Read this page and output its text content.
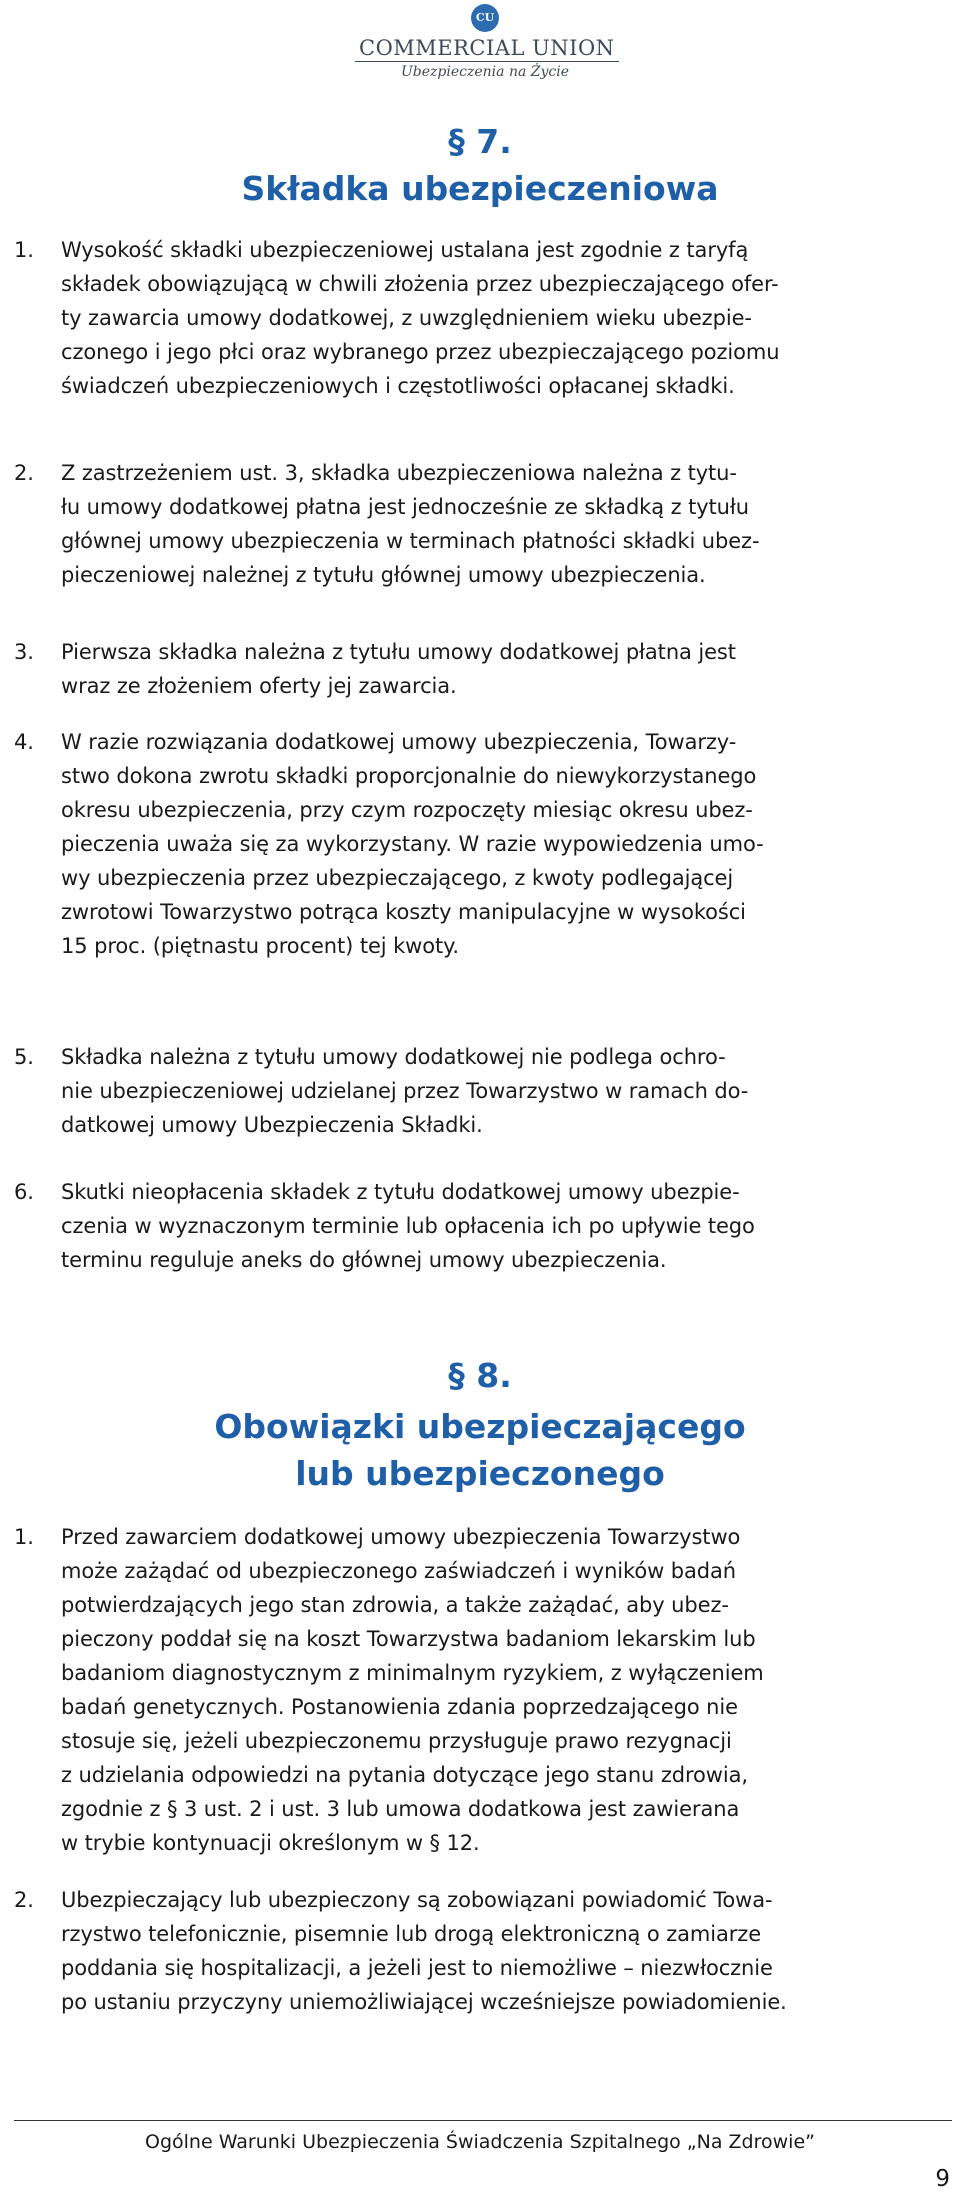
CU
COMMERCIAL UNION
Ubezpieczenia na Życie
§ 7.
Składka ubezpieczeniowa
1.	Wysokość składki ubezpieczeniowej ustalana jest zgodnie z taryfą
składek obowiązującą w chwili złożenia przez ubezpieczającego ofer-
ty zawarcia umowy dodatkowej, z uwzględnieniem wieku ubezpie-
czonego i jego płci oraz wybranego przez ubezpieczającego poziomu
świadczeń ubezpieczeniowych i częstotliwości opłacanej składki.
2.	Z zastrzeżeniem ust. 3, składka ubezpieczeniowa należna z tytu-
łu umowy dodatkowej płatna jest jednocześnie ze składką z tytułu
głównej umowy ubezpieczenia w terminach płatności składki ubez-
pieczeniowej należnej z tytułu głównej umowy ubezpieczenia.
3.	Pierwsza składka należna z tytułu umowy dodatkowej płatna jest
wraz ze złożeniem oferty jej zawarcia.
4.	W razie rozwiązania dodatkowej umowy ubezpieczenia, Towarzy-
stwo dokona zwrotu składki proporcjonalnie do niewykorzystanego
okresu ubezpieczenia, przy czym rozpoczęty miesiąc okresu ubez-
pieczenia uważa się za wykorzystany. W razie wypowiedzenia umo-
wy ubezpieczenia przez ubezpieczającego, z kwoty podlegającej
zwrotowi Towarzystwo potrąca koszty manipulacyjne w wysokości
15 proc. (piętnastu procent) tej kwoty.
5.	Składka należna z tytułu umowy dodatkowej nie podlega ochro-
nie ubezpieczeniowej udzielanej przez Towarzystwo w ramach do-
datkowej umowy Ubezpieczenia Składki.
6.	Skutki nieopłacenia składek z tytułu dodatkowej umowy ubezpie-
czenia w wyznaczonym terminie lub opłacenia ich po upływie tego
terminu reguluje aneks do głównej umowy ubezpieczenia.
§ 8.
Obowiązki ubezpieczającego
lub ubezpieczonego
1.	Przed zawarciem dodatkowej umowy ubezpieczenia Towarzystwo
może zażądać od ubezpieczonego zaświadczeń i wyników badań
potwierdzających jego stan zdrowia, a także zażądać, aby ubez-
pieczony poddał się na koszt Towarzystwa badaniom lekarskim lub
badaniom diagnostycznym z minimalnym ryzykiem, z wyłączeniem
badań genetycznych. Postanowienia zdania poprzedzającego nie
stosuje się, jeżeli ubezpieczonemu przysługuje prawo rezygnacji
z udzielania odpowiedzi na pytania dotyczące jego stanu zdrowia,
zgodnie z § 3 ust. 2 i ust. 3 lub umowa dodatkowa jest zawierana
w trybie kontynuacji określonym w § 12.
2.	Ubezpieczający lub ubezpieczony są zobowiązani powiadomić Towa-
rzystwo telefonicznie, pisemnie lub drogą elektroniczną o zamiarze
poddania się hospitalizacji, a jeżeli jest to niemożliwe – niezwłocznie
po ustaniu przyczyny uniemożliwiającej wcześniejsze powiadomienie.
Ogólne Warunki Ubezpieczenia Świadczenia Szpitalnego „Na Zdrowie”
9
